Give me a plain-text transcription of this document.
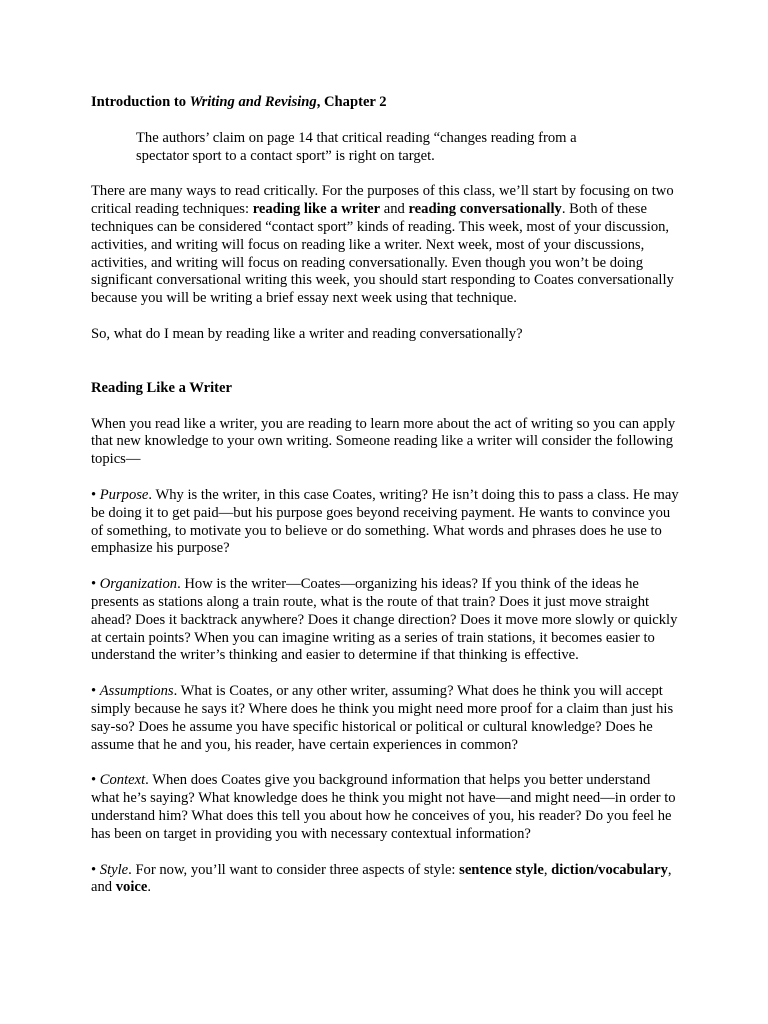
Introduction to Writing and Revising, Chapter 2

The authors’ claim on page 14 that critical reading “changes reading from a spectator sport to a contact sport” is right on target.

There are many ways to read critically. For the purposes of this class, we’ll start by focusing on two critical reading techniques: reading like a writer and reading conversationally. Both of these techniques can be considered “contact sport” kinds of reading. This week, most of your discussion, activities, and writing will focus on reading like a writer. Next week, most of your discussions, activities, and writing will focus on reading conversationally. Even though you won’t be doing significant conversational writing this week, you should start responding to Coates conversationally because you will be writing a brief essay next week using that technique.

So, what do I mean by reading like a writer and reading conversationally?

Reading Like a Writer

When you read like a writer, you are reading to learn more about the act of writing so you can apply that new knowledge to your own writing. Someone reading like a writer will consider the following topics—

• Purpose. Why is the writer, in this case Coates, writing? He isn’t doing this to pass a class. He may be doing it to get paid—but his purpose goes beyond receiving payment. He wants to convince you of something, to motivate you to believe or do something. What words and phrases does he use to emphasize his purpose?

• Organization. How is the writer—Coates—organizing his ideas? If you think of the ideas he presents as stations along a train route, what is the route of that train? Does it just move straight ahead? Does it backtrack anywhere? Does it change direction? Does it move more slowly or quickly at certain points? When you can imagine writing as a series of train stations, it becomes easier to understand the writer’s thinking and easier to determine if that thinking is effective.

• Assumptions. What is Coates, or any other writer, assuming? What does he think you will accept simply because he says it? Where does he think you might need more proof for a claim than just his say-so? Does he assume you have specific historical or political or cultural knowledge? Does he assume that he and you, his reader, have certain experiences in common?

• Context. When does Coates give you background information that helps you better understand what he’s saying? What knowledge does he think you might not have—and might need—in order to understand him? What does this tell you about how he conceives of you, his reader? Do you feel he has been on target in providing you with necessary contextual information?

• Style. For now, you’ll want to consider three aspects of style: sentence style, diction/vocabulary, and voice.
